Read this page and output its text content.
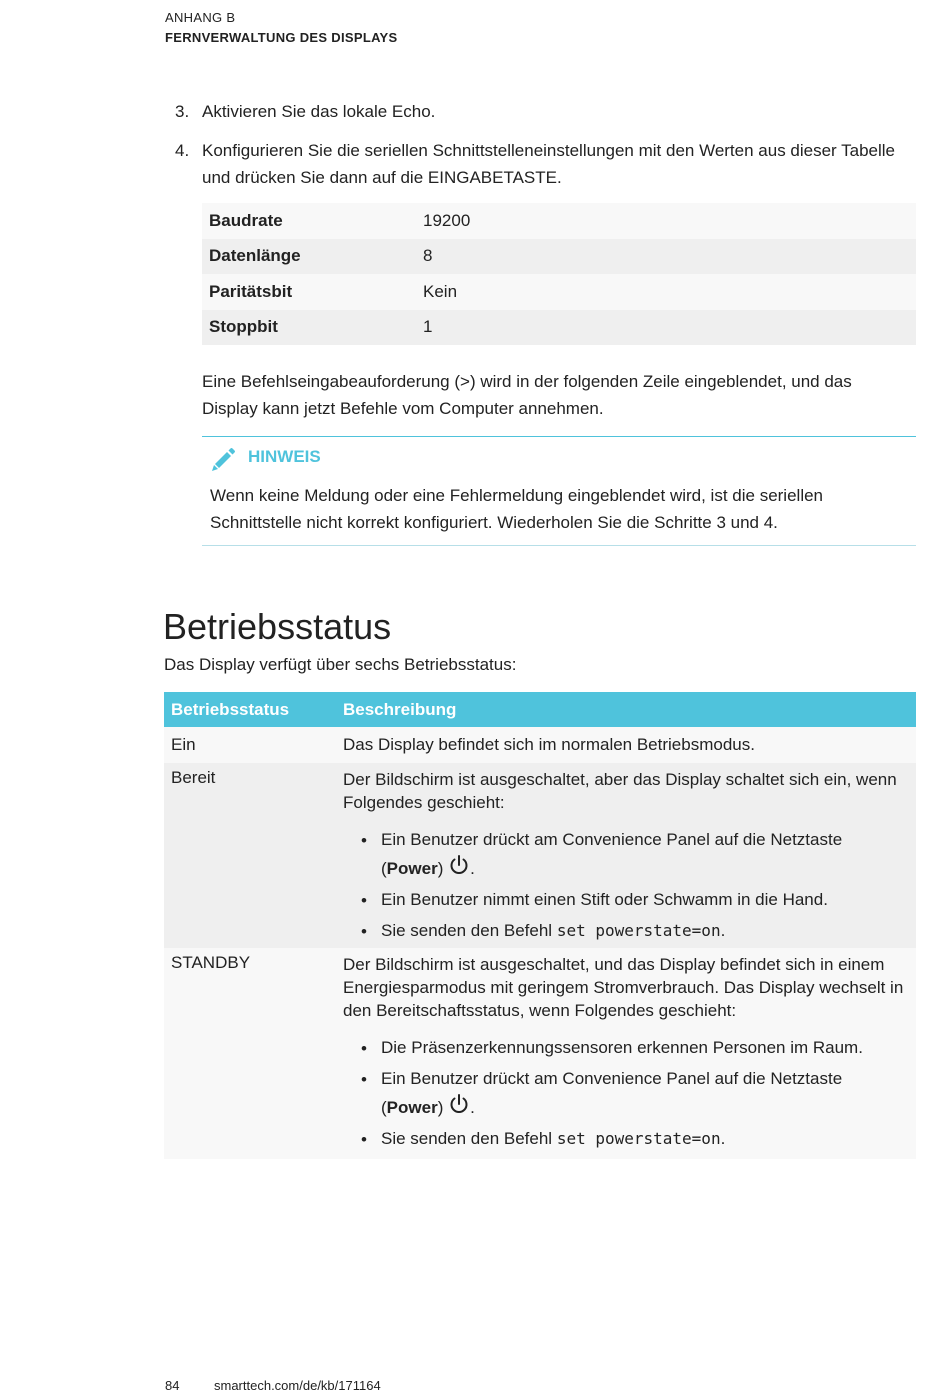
ANHANG B
FERNVERWALTUNG DES DISPLAYS
3. Aktivieren Sie das lokale Echo.
4. Konfigurieren Sie die seriellen Schnittstelleneinstellungen mit den Werten aus dieser Tabelle und drücken Sie dann auf die EINGABETASTE.
Baudrate	19200
Datenlänge	8
Paritätsbit	Kein
Stoppbit	1
Eine Befehlseingabeauforderung (>) wird in der folgenden Zeile eingeblendet, und das Display kann jetzt Befehle vom Computer annehmen.
HINWEIS
Wenn keine Meldung oder eine Fehlermeldung eingeblendet wird, ist die seriellen Schnittstelle nicht korrekt konfiguriert. Wiederholen Sie die Schritte 3 und 4.
Betriebsstatus
Das Display verfügt über sechs Betriebsstatus:
Betriebsstatus	Beschreibung
Ein	Das Display befindet sich im normalen Betriebsmodus.
Bereit	Der Bildschirm ist ausgeschaltet, aber das Display schaltet sich ein, wenn Folgendes geschieht:
• Ein Benutzer drückt am Convenience Panel auf die Netztaste (Power) .
• Ein Benutzer nimmt einen Stift oder Schwamm in die Hand.
• Sie senden den Befehl set powerstate=on.
STANDBY	Der Bildschirm ist ausgeschaltet, und das Display befindet sich in einem Energiesparmodus mit geringem Stromverbrauch. Das Display wechselt in den Bereitschaftsstatus, wenn Folgendes geschieht:
• Die Präsenzerkennungssensoren erkennen Personen im Raum.
• Ein Benutzer drückt am Convenience Panel auf die Netztaste (Power) .
• Sie senden den Befehl set powerstate=on.
84	smarttech.com/de/kb/171164
